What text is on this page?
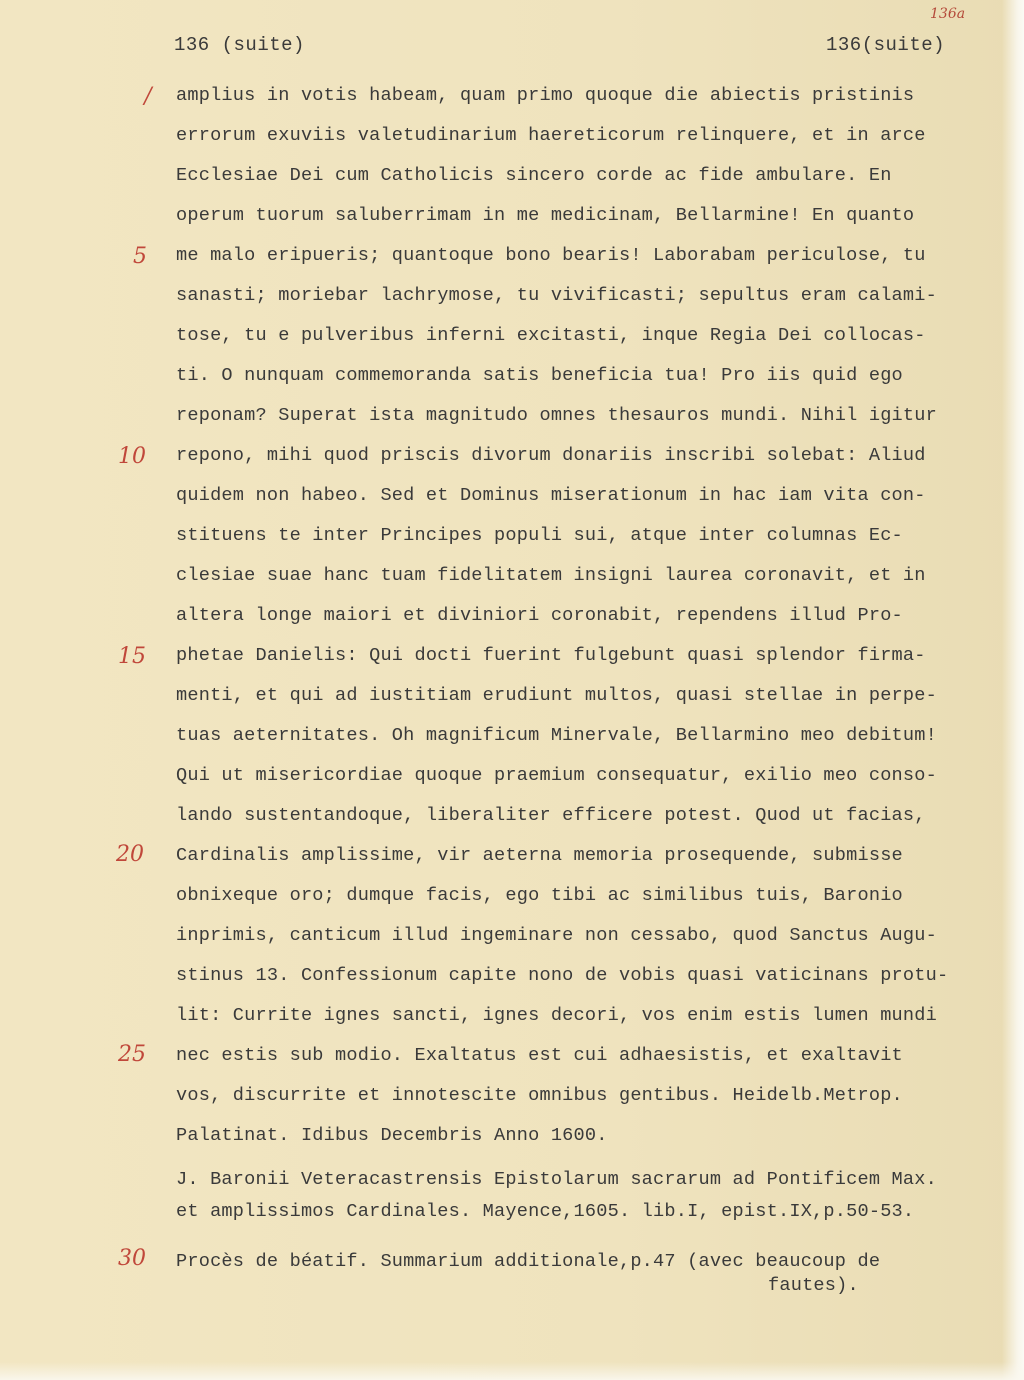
136a
136 (suite)	136(suite)
/
5
10
15
20
25
30
amplius in votis habeam, quam primo quoque die abiectis pristinis
errorum exuviis valetudinarium haereticorum relinquere, et in arce
Ecclesiae Dei cum Catholicis sincero corde ac fide ambulare. En
operum tuorum saluberrimam in me medicinam, Bellarmine! En quanto
me malo eripueris; quantoque bono bearis! Laborabam periculose, tu
sanasti; moriebar lachrymose, tu vivificasti; sepultus eram calami-
tose, tu e pulveribus inferni excitasti, inque Regia Dei collocas-
ti. O nunquam commemoranda satis beneficia tua! Pro iis quid ego
reponam? Superat ista magnitudo omnes thesauros mundi. Nihil igitur
repono, mihi quod priscis divorum donariis inscribi solebat: Aliud
quidem non habeo. Sed et Dominus miserationum in hac iam vita con-
stituens te inter Principes populi sui, atque inter columnas Ec-
clesiae suae hanc tuam fidelitatem insigni laurea coronavit, et in
altera longe maiori et diviniori coronabit, rependens illud Pro-
phetae Danielis: Qui docti fuerint fulgebunt quasi splendor firma-
menti, et qui ad iustitiam erudiunt multos, quasi stellae in perpe-
tuas aeternitates. Oh magnificum Minervale, Bellarmino meo debitum!
Qui ut misericordiae quoque praemium consequatur, exilio meo conso-
lando sustentandoque, liberaliter efficere potest. Quod ut facias,
Cardinalis amplissime, vir aeterna memoria prosequende, submisse
obnixeque oro; dumque facis, ego tibi ac similibus tuis, Baronio
inprimis, canticum illud ingeminare non cessabo, quod Sanctus Augu-
stinus 13. Confessionum capite nono de vobis quasi vaticinans protu-
lit: Currite ignes sancti, ignes decori, vos enim estis lumen mundi
nec estis sub modio. Exaltatus est cui adhaesistis, et exaltavit
vos, discurrite et innotescite omnibus gentibus. Heidelb.Metrop.
Palatinat. Idibus Decembris Anno 1600.
J. Baronii Veteracastrensis Epistolarum sacrarum ad Pontificem Max.
et amplissimos Cardinales. Mayence,1605. lib.I, epist.IX,p.50-53.
Procès de béatif. Summarium additionale,p.47 (avec beaucoup de
fautes).
